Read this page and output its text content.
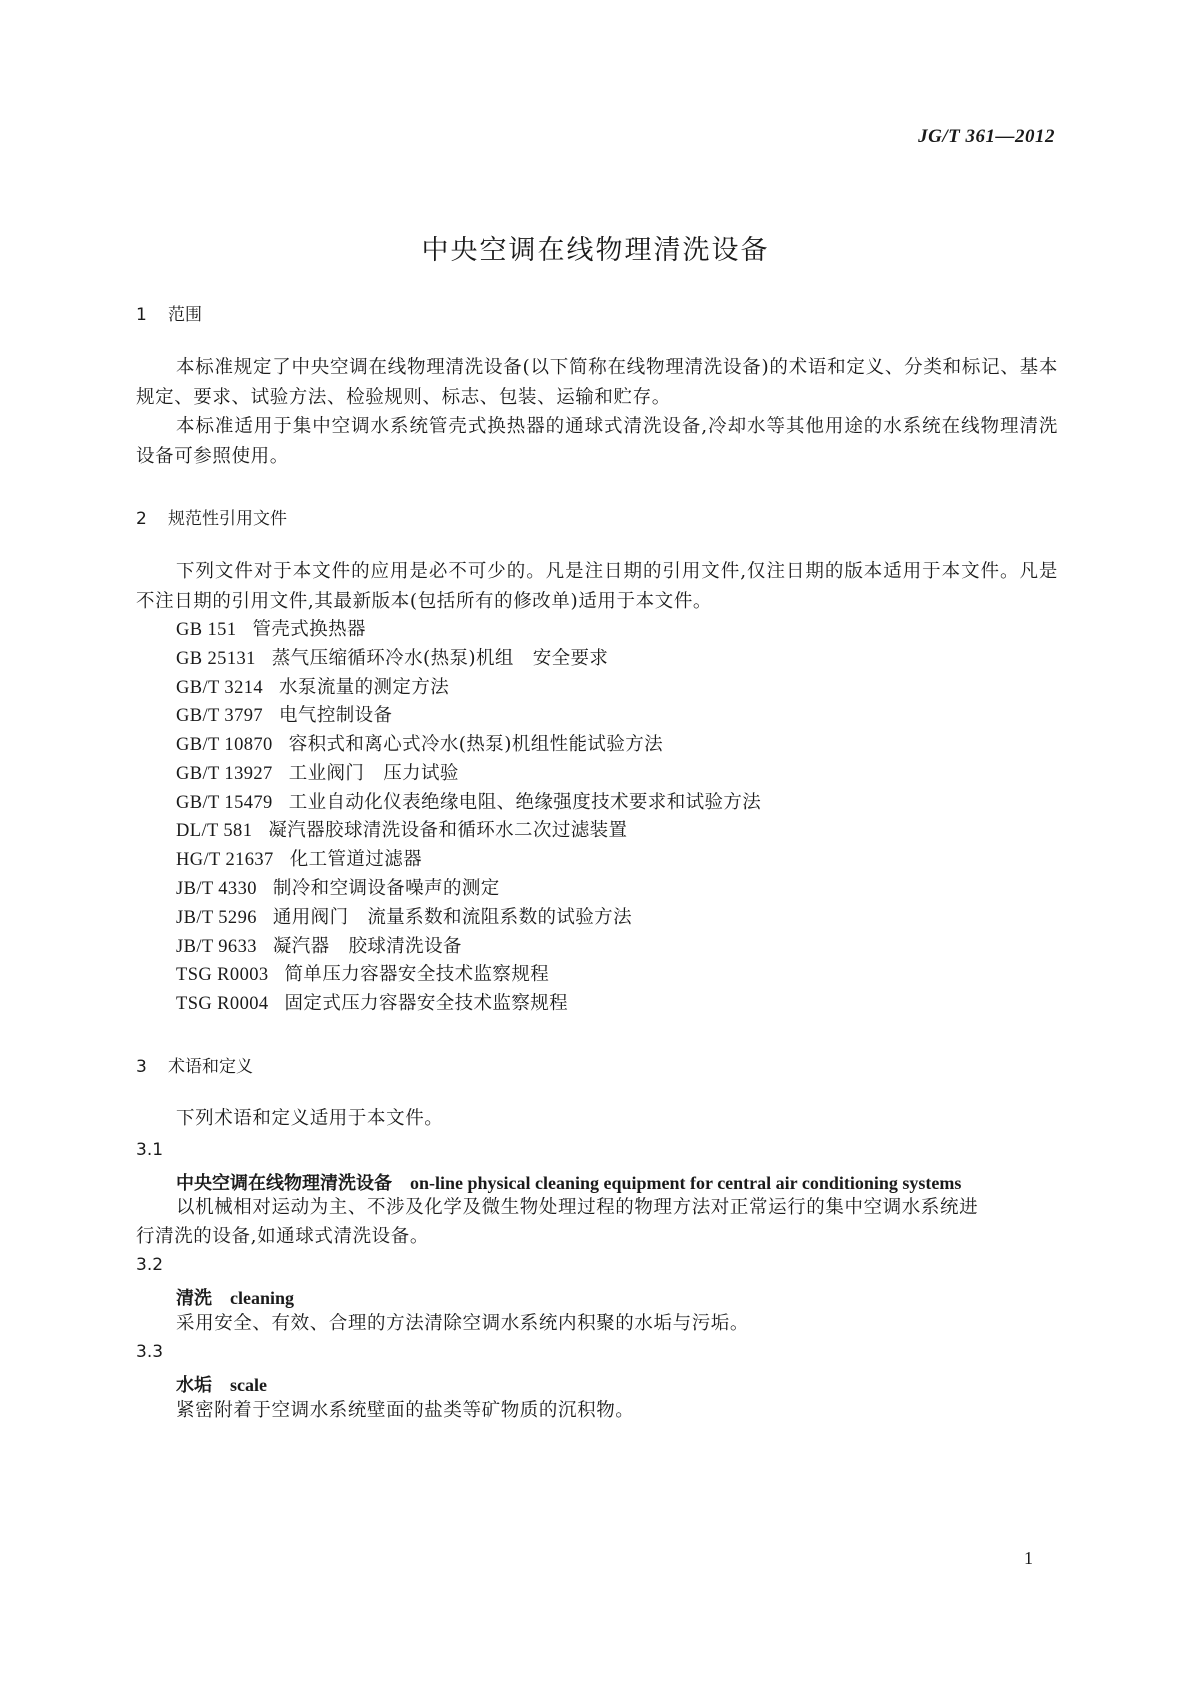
JG/T 361—2012
中央空调在线物理清洗设备
1 范围
本标准规定了中央空调在线物理清洗设备(以下简称在线物理清洗设备)的术语和定义、分类和标记、基本规定、要求、试验方法、检验规则、标志、包装、运输和贮存。
本标准适用于集中空调水系统管壳式换热器的通球式清洗设备,冷却水等其他用途的水系统在线物理清洗设备可参照使用。
2 规范性引用文件
下列文件对于本文件的应用是必不可少的。凡是注日期的引用文件,仅注日期的版本适用于本文件。凡是不注日期的引用文件,其最新版本(包括所有的修改单)适用于本文件。
GB 151 管壳式换热器
GB 25131 蒸气压缩循环冷水(热泵)机组　安全要求
GB/T 3214 水泵流量的测定方法
GB/T 3797 电气控制设备
GB/T 10870 容积式和离心式冷水(热泵)机组性能试验方法
GB/T 13927 工业阀门　压力试验
GB/T 15479 工业自动化仪表绝缘电阻、绝缘强度技术要求和试验方法
DL/T 581 凝汽器胶球清洗设备和循环水二次过滤装置
HG/T 21637 化工管道过滤器
JB/T 4330 制冷和空调设备噪声的测定
JB/T 5296 通用阀门　流量系数和流阻系数的试验方法
JB/T 9633 凝汽器　胶球清洗设备
TSG R0003 简单压力容器安全技术监察规程
TSG R0004 固定式压力容器安全技术监察规程
3 术语和定义
下列术语和定义适用于本文件。
3.1
中央空调在线物理清洗设备 on-line physical cleaning equipment for central air conditioning systems
以机械相对运动为主、不涉及化学及微生物处理过程的物理方法对正常运行的集中空调水系统进
行清洗的设备,如通球式清洗设备。
3.2
清洗 cleaning
采用安全、有效、合理的方法清除空调水系统内积聚的水垢与污垢。
3.3
水垢 scale
紧密附着于空调水系统壁面的盐类等矿物质的沉积物。
1
